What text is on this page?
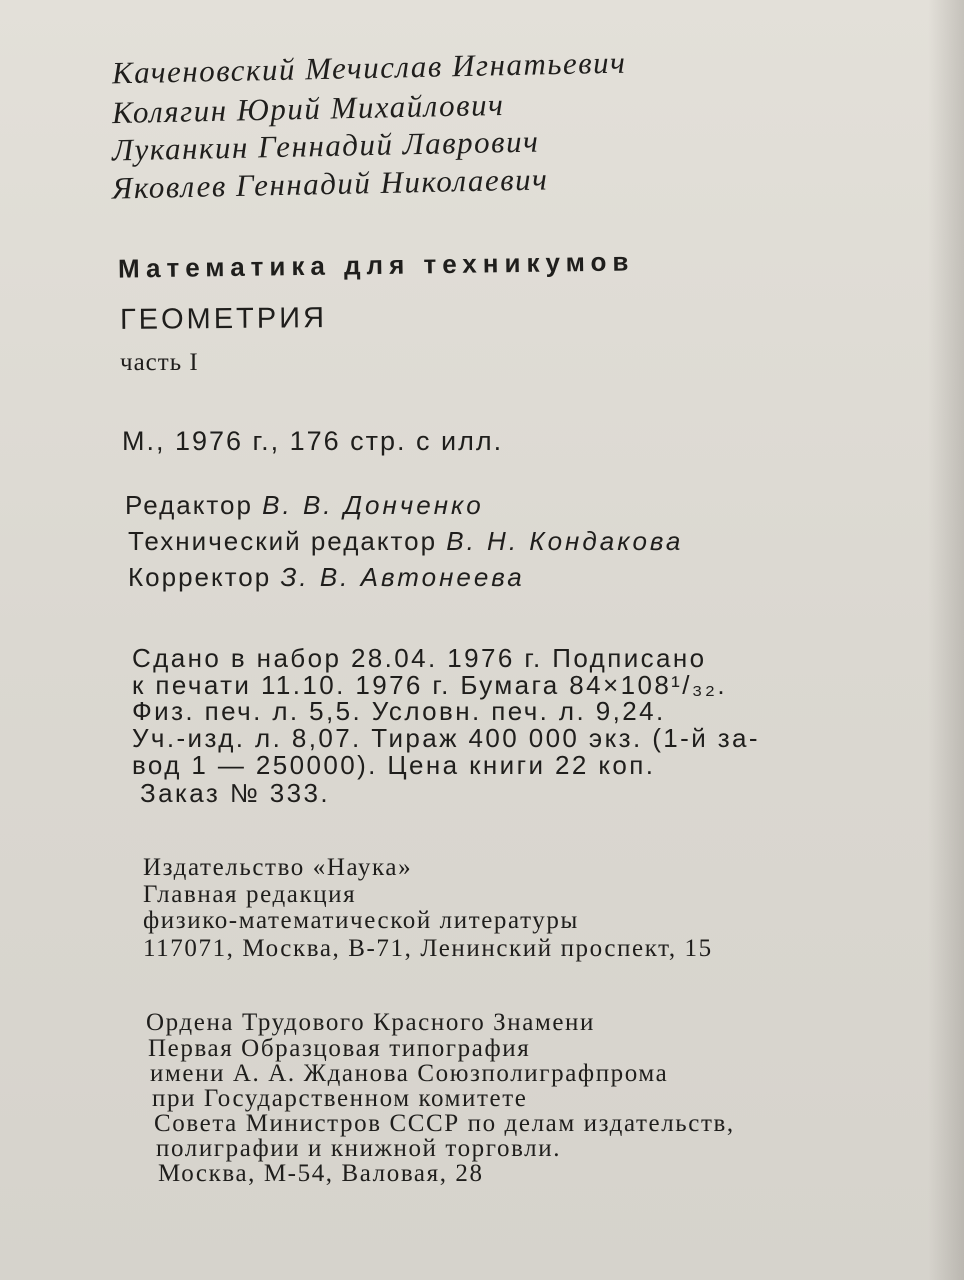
Каченовский Мечислав Игнатьевич
Колягин Юрий Михайлович
Луканкин Геннадий Лаврович
Яковлев Геннадий Николаевич
Математика для техникумов
ГЕОМЕТРИЯ
часть I
М., 1976 г., 176 стр. с илл.
Редактор В. В. Донченко
Технический редактор В. Н. Кондакова
Корректор З. В. Автонеева
Сдано в набор 28.04. 1976 г. Подписано
к печати 11.10. 1976 г. Бумага 84×108¹/₃₂.
Физ. печ. л. 5,5. Условн. печ. л. 9,24.
Уч.-изд. л. 8,07. Тираж 400 000 экз. (1-й за-
вод 1 — 250000). Цена книги 22 коп.
Заказ № 333.
Издательство «Наука»
Главная редакция
физико-математической литературы
117071, Москва, В-71, Ленинский проспект, 15
Ордена Трудового Красного Знамени
Первая Образцовая типография
имени А. А. Жданова Союзполиграфпрома
при Государственном комитете
Совета Министров СССР по делам издательств,
полиграфии и книжной торговли.
Москва, М-54, Валовая, 28
